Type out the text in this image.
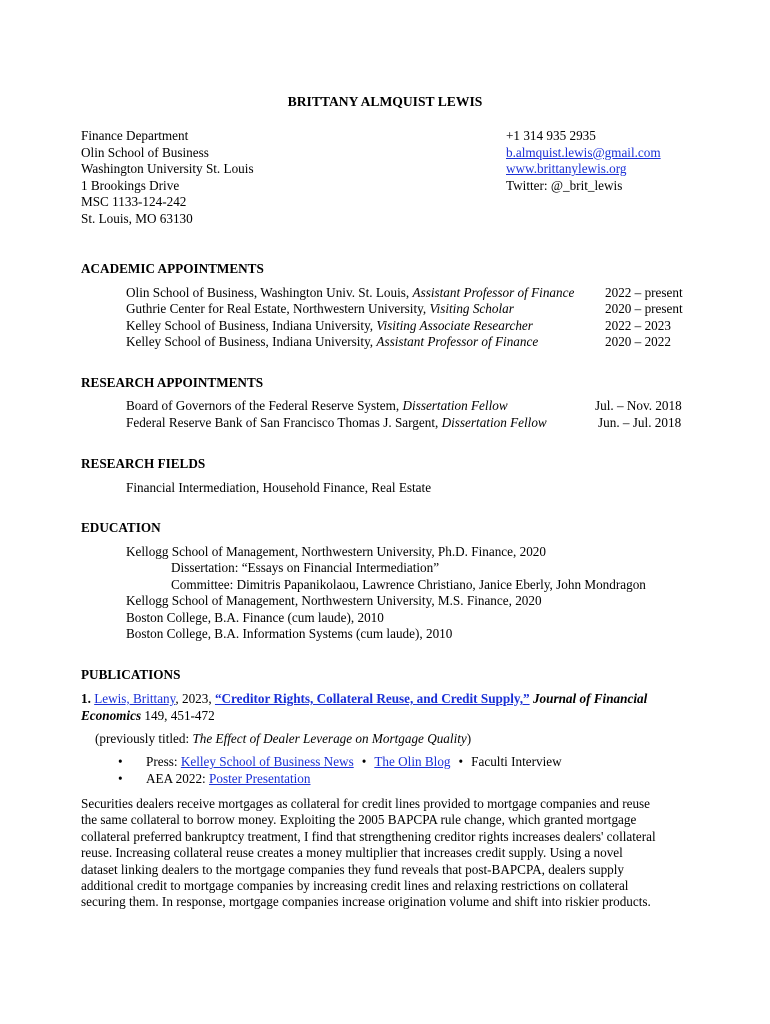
BRITTANY ALMQUIST LEWIS
Finance Department
Olin School of Business
Washington University St. Louis
1 Brookings Drive
MSC 1133-124-242
St. Louis, MO 63130
+1 314 935 2935
b.almquist.lewis@gmail.com
www.brittanylewis.org
Twitter: @_brit_lewis
ACADEMIC APPOINTMENTS
Olin School of Business, Washington Univ. St. Louis, Assistant Professor of Finance 2022 – present
Guthrie Center for Real Estate, Northwestern University, Visiting Scholar	2020 – present
Kelley School of Business, Indiana University, Visiting Associate Researcher	2022 – 2023
Kelley School of Business, Indiana University, Assistant Professor of Finance	2020 – 2022
RESEARCH APPOINTMENTS
Board of Governors of the Federal Reserve System, Dissertation Fellow	Jul. – Nov. 2018
Federal Reserve Bank of San Francisco Thomas J. Sargent, Dissertation Fellow	Jun. – Jul. 2018
RESEARCH FIELDS
Financial Intermediation, Household Finance, Real Estate
EDUCATION
Kellogg School of Management, Northwestern University, Ph.D. Finance, 2020
Dissertation: “Essays on Financial Intermediation”
Committee: Dimitris Papanikolaou, Lawrence Christiano, Janice Eberly, John Mondragon
Kellogg School of Management, Northwestern University, M.S. Finance, 2020
Boston College, B.A. Finance (cum laude), 2010
Boston College, B.A. Information Systems (cum laude), 2010
PUBLICATIONS
1. Lewis, Brittany, 2023, “Creditor Rights, Collateral Reuse, and Credit Supply,” Journal of Financial
Economics 149, 451-472
(previously titled: The Effect of Dealer Leverage on Mortgage Quality)
• Press: Kelley School of Business News • The Olin Blog • Faculti Interview
• AEA 2022: Poster Presentation
Securities dealers receive mortgages as collateral for credit lines provided to mortgage companies and reuse
the same collateral to borrow money. Exploiting the 2005 BAPCPA rule change, which granted mortgage
collateral preferred bankruptcy treatment, I find that strengthening creditor rights increases dealers' collateral
reuse. Increasing collateral reuse creates a money multiplier that increases credit supply. Using a novel
dataset linking dealers to the mortgage companies they fund reveals that post-BAPCPA, dealers supply
additional credit to mortgage companies by increasing credit lines and relaxing restrictions on collateral
securing them. In response, mortgage companies increase origination volume and shift into riskier products.
